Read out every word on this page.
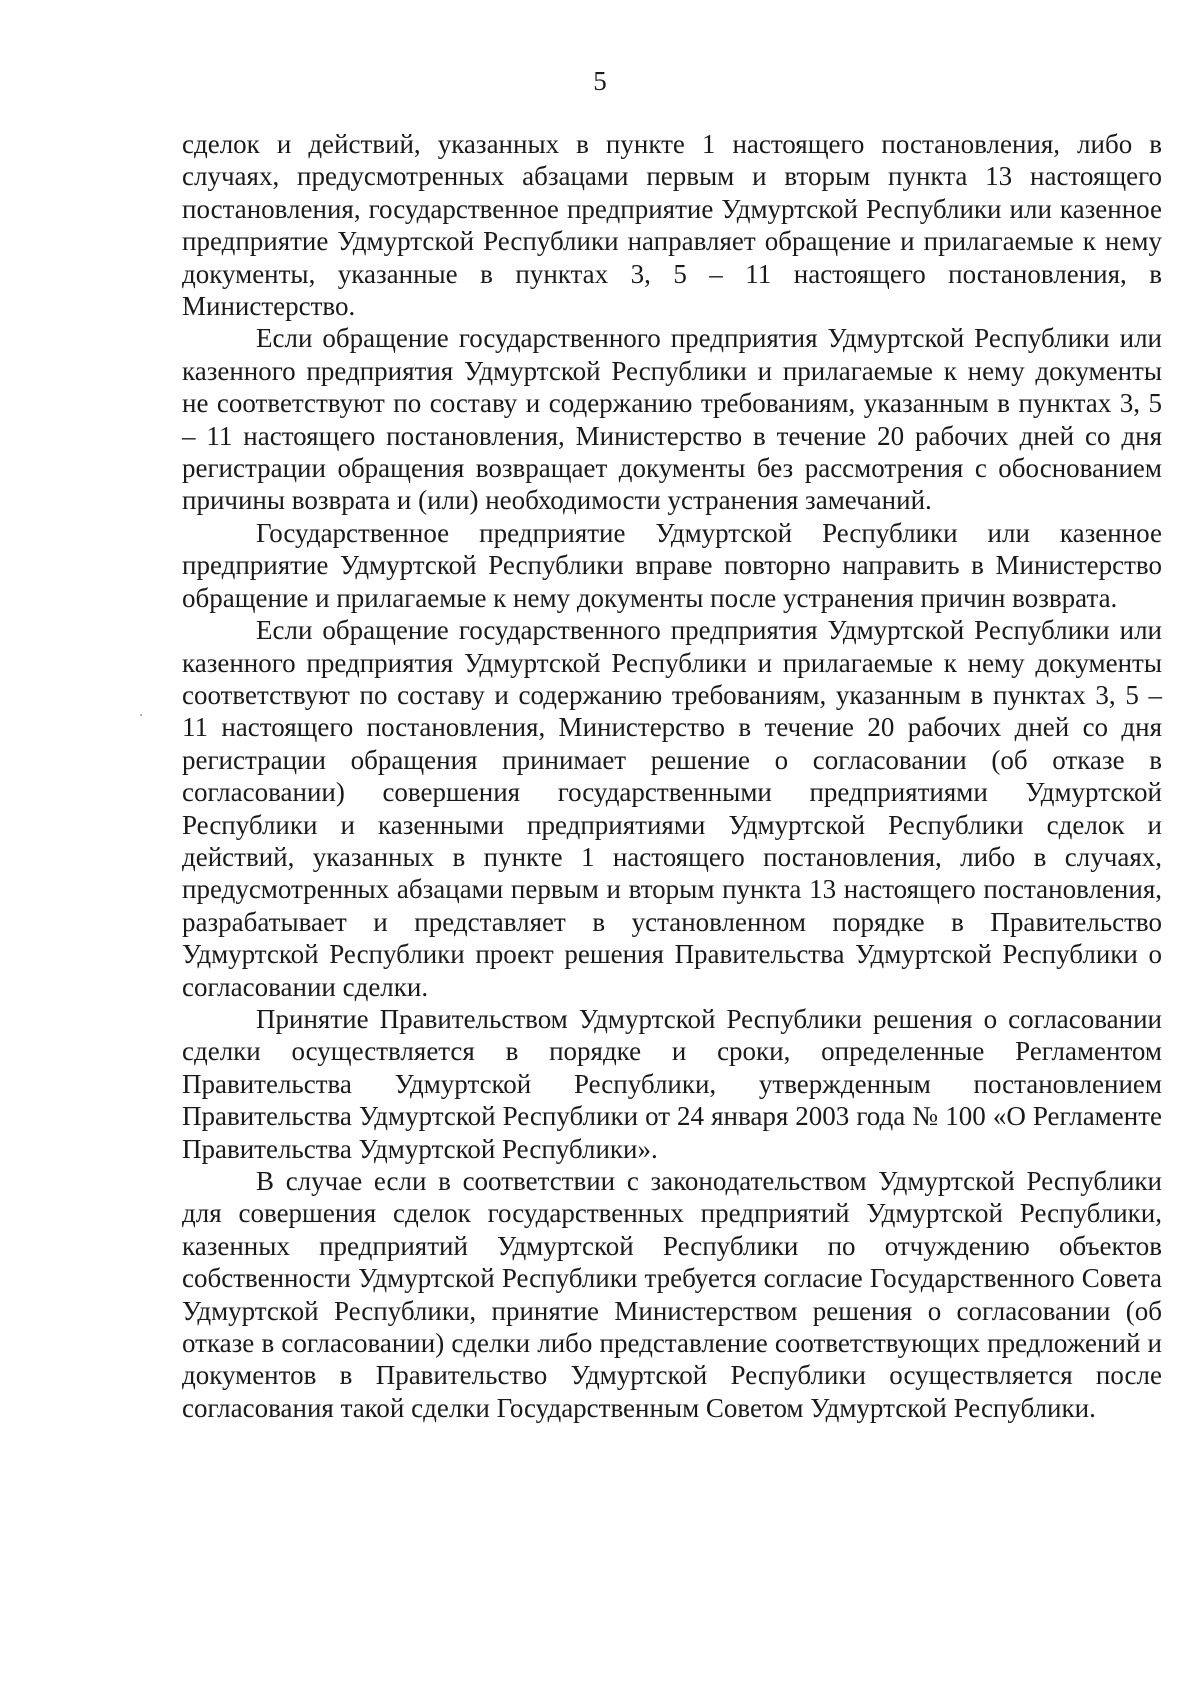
5

сделок и действий, указанных в пункте 1 настоящего постановления, либо в случаях, предусмотренных абзацами первым и вторым пункта 13 настоящего постановления, государственное предприятие Удмуртской Республики или казенное предприятие Удмуртской Республики направляет обращение и прилагаемые к нему документы, указанные в пунктах 3, 5 – 11 настоящего постановления, в Министерство.

Если обращение государственного предприятия Удмуртской Республики или казенного предприятия Удмуртской Республики и прилагаемые к нему документы не соответствуют по составу и содержанию требованиям, указанным в пунктах 3, 5 – 11 настоящего постановления, Министерство в течение 20 рабочих дней со дня регистрации обращения возвращает документы без рассмотрения с обоснованием причины возврата и (или) необходимости устранения замечаний.

Государственное предприятие Удмуртской Республики или казенное предприятие Удмуртской Республики вправе повторно направить в Министерство обращение и прилагаемые к нему документы после устранения причин возврата.

Если обращение государственного предприятия Удмуртской Республики или казенного предприятия Удмуртской Республики и прилагаемые к нему документы соответствуют по составу и содержанию требованиям, указанным в пунктах 3, 5 – 11 настоящего постановления, Министерство в течение 20 рабочих дней со дня регистрации обращения принимает решение о согласовании (об отказе в согласовании) совершения государственными предприятиями Удмуртской Республики и казенными предприятиями Удмуртской Республики сделок и действий, указанных в пункте 1 настоящего постановления, либо в случаях, предусмотренных абзацами первым и вторым пункта 13 настоящего постановления, разрабатывает и представляет в установленном порядке в Правительство Удмуртской Республики проект решения Правительства Удмуртской Республики о согласовании сделки.

Принятие Правительством Удмуртской Республики решения о согласовании сделки осуществляется в порядке и сроки, определенные Регламентом Правительства Удмуртской Республики, утвержденным постановлением Правительства Удмуртской Республики от 24 января 2003 года № 100 «О Регламенте Правительства Удмуртской Республики».

В случае если в соответствии с законодательством Удмуртской Республики для совершения сделок государственных предприятий Удмуртской Республики, казенных предприятий Удмуртской Республики по отчуждению объектов собственности Удмуртской Республики требуется согласие Государственного Совета Удмуртской Республики, принятие Министерством решения о согласовании (об отказе в согласовании) сделки либо представление соответствующих предложений и документов в Правительство Удмуртской Республики осуществляется после согласования такой сделки Государственным Советом Удмуртской Республики.
